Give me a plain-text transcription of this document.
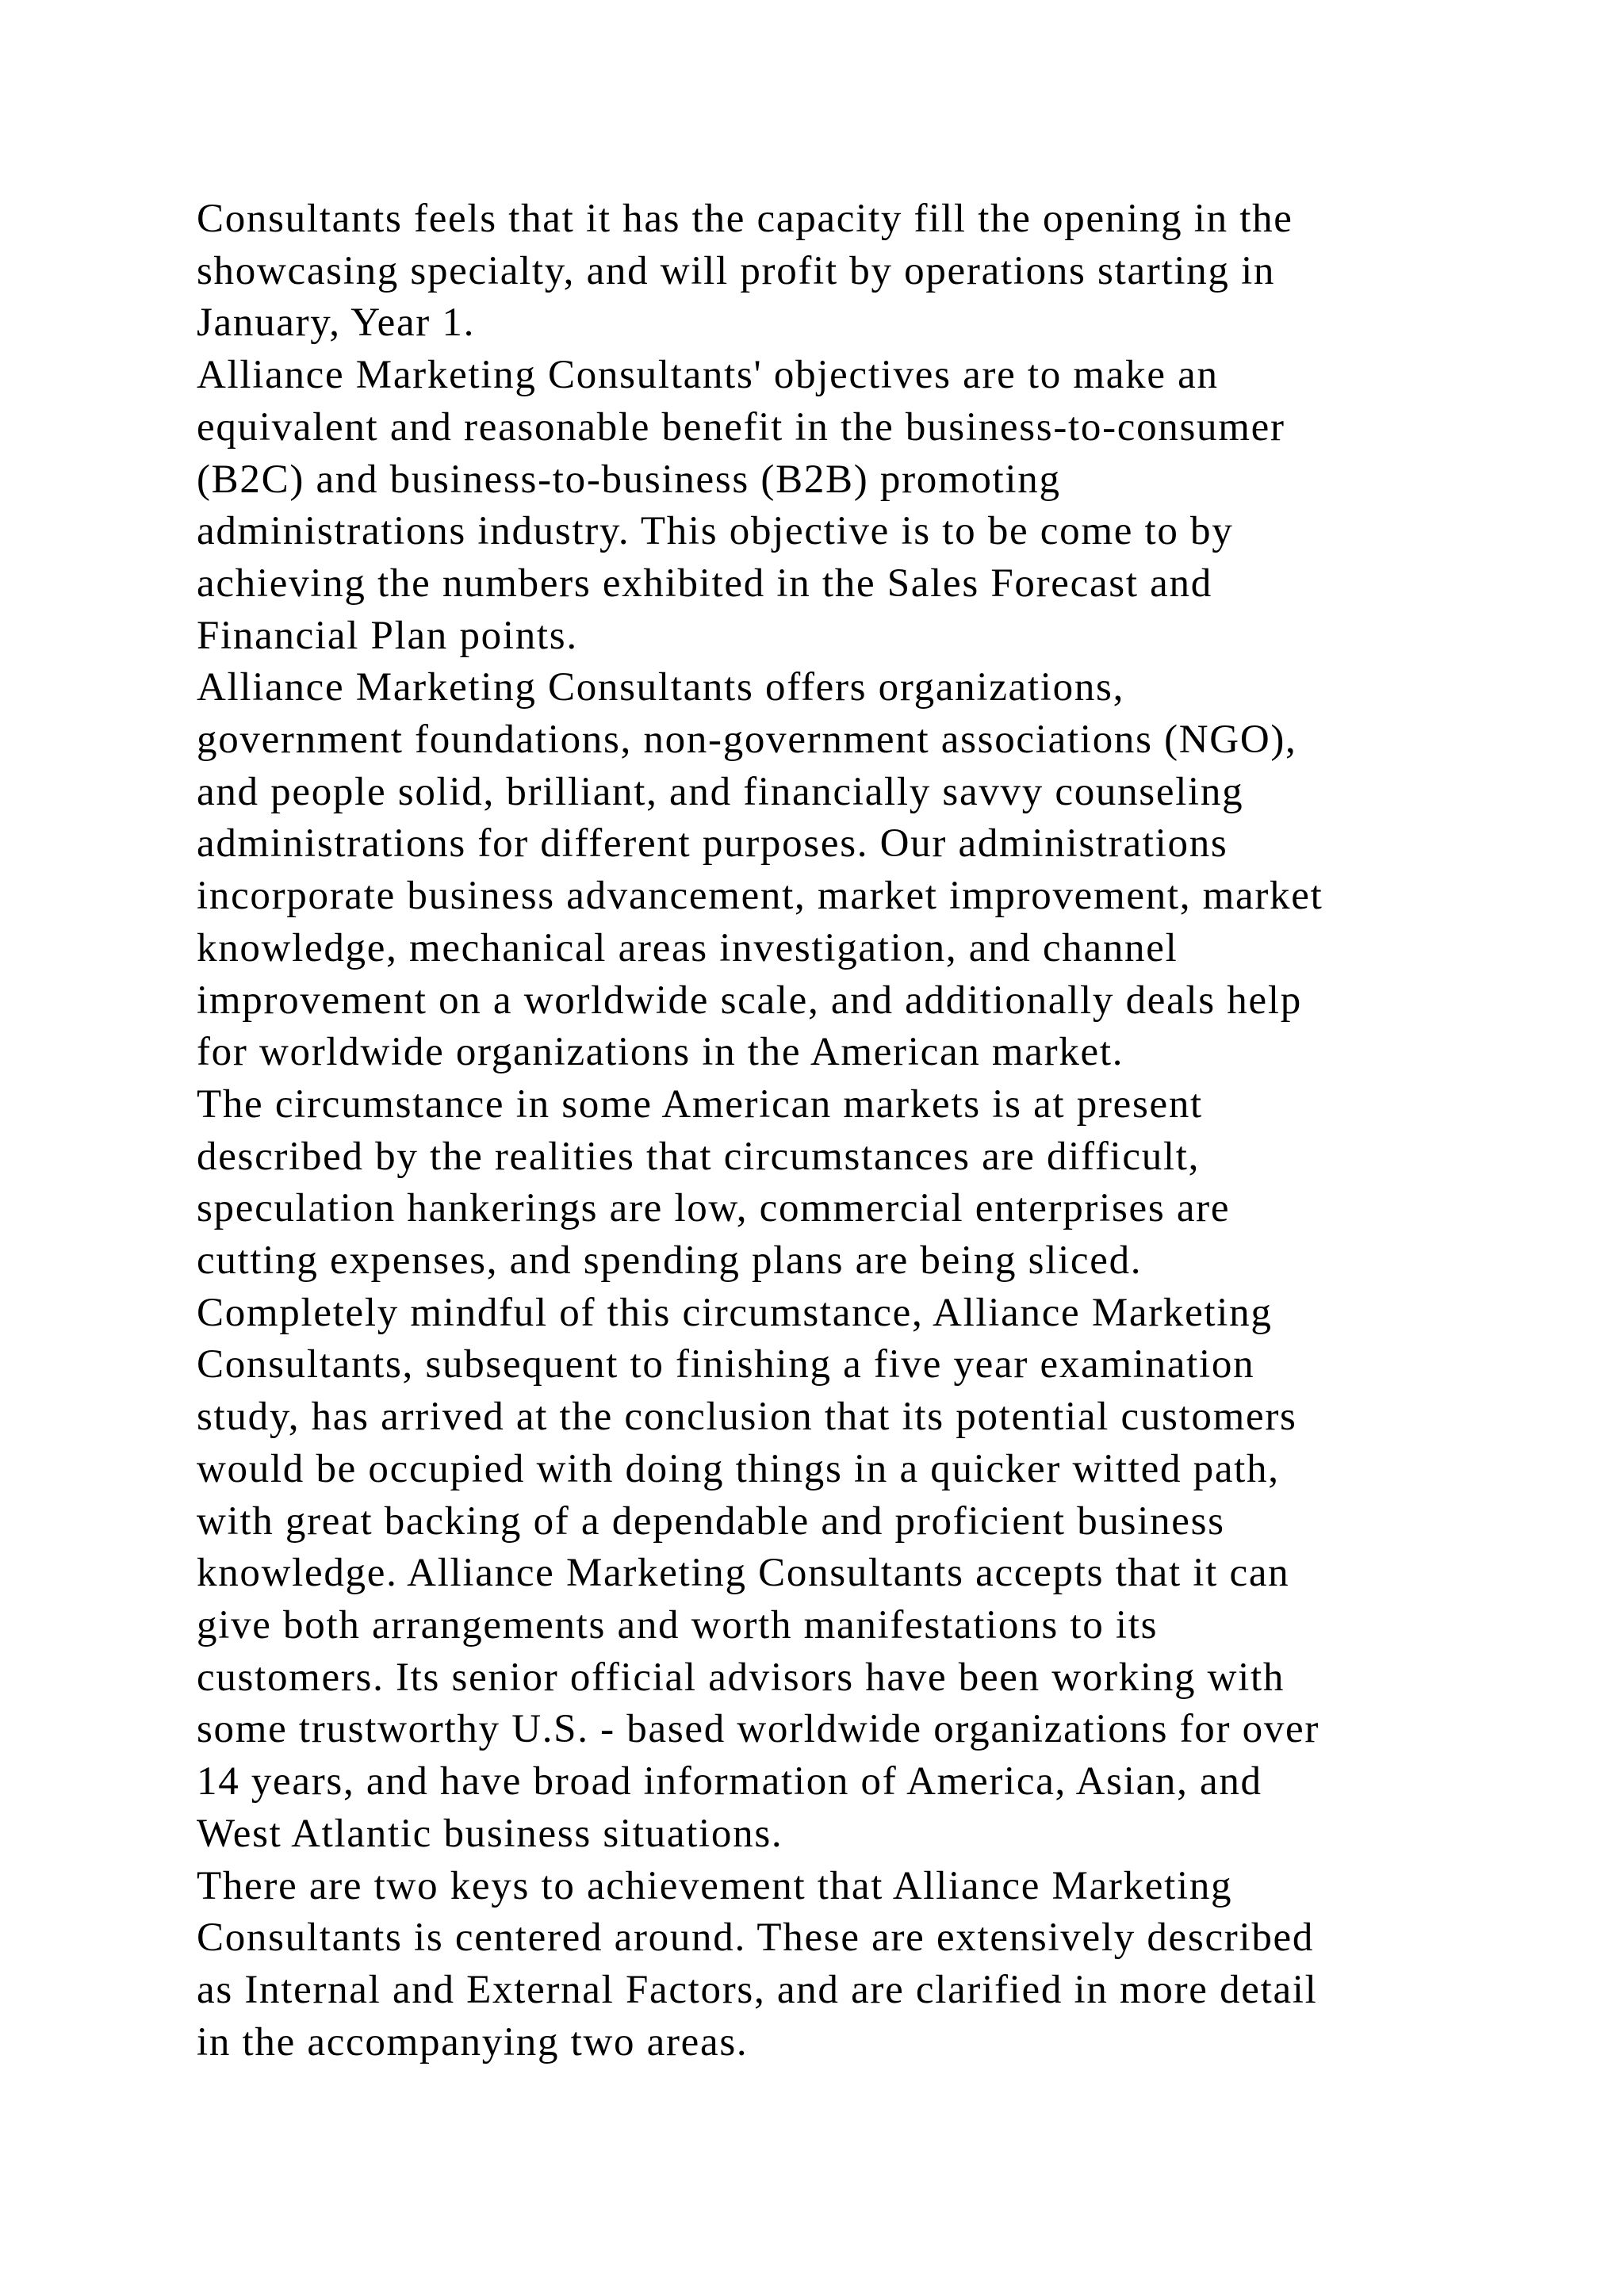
Consultants feels that it has the capacity fill the opening in the
showcasing specialty, and will profit by operations starting in
January, Year 1.
Alliance Marketing Consultants' objectives are to make an
equivalent and reasonable benefit in the business-to-consumer
(B2C) and business-to-business (B2B) promoting
administrations industry. This objective is to be come to by
achieving the numbers exhibited in the Sales Forecast and
Financial Plan points.
Alliance Marketing Consultants offers organizations,
government foundations, non-government associations (NGO),
and people solid, brilliant, and financially savvy counseling
administrations for different purposes. Our administrations
incorporate business advancement, market improvement, market
knowledge, mechanical areas investigation, and channel
improvement on a worldwide scale, and additionally deals help
for worldwide organizations in the American market.
The circumstance in some American markets is at present
described by the realities that circumstances are difficult,
speculation hankerings are low, commercial enterprises are
cutting expenses, and spending plans are being sliced.
Completely mindful of this circumstance, Alliance Marketing
Consultants, subsequent to finishing a five year examination
study, has arrived at the conclusion that its potential customers
would be occupied with doing things in a quicker witted path,
with great backing of a dependable and proficient business
knowledge. Alliance Marketing Consultants accepts that it can
give both arrangements and worth manifestations to its
customers. Its senior official advisors have been working with
some trustworthy U.S. - based worldwide organizations for over
14 years, and have broad information of America, Asian, and
West Atlantic business situations.
There are two keys to achievement that Alliance Marketing
Consultants is centered around. These are extensively described
as Internal and External Factors, and are clarified in more detail
in the accompanying two areas.
